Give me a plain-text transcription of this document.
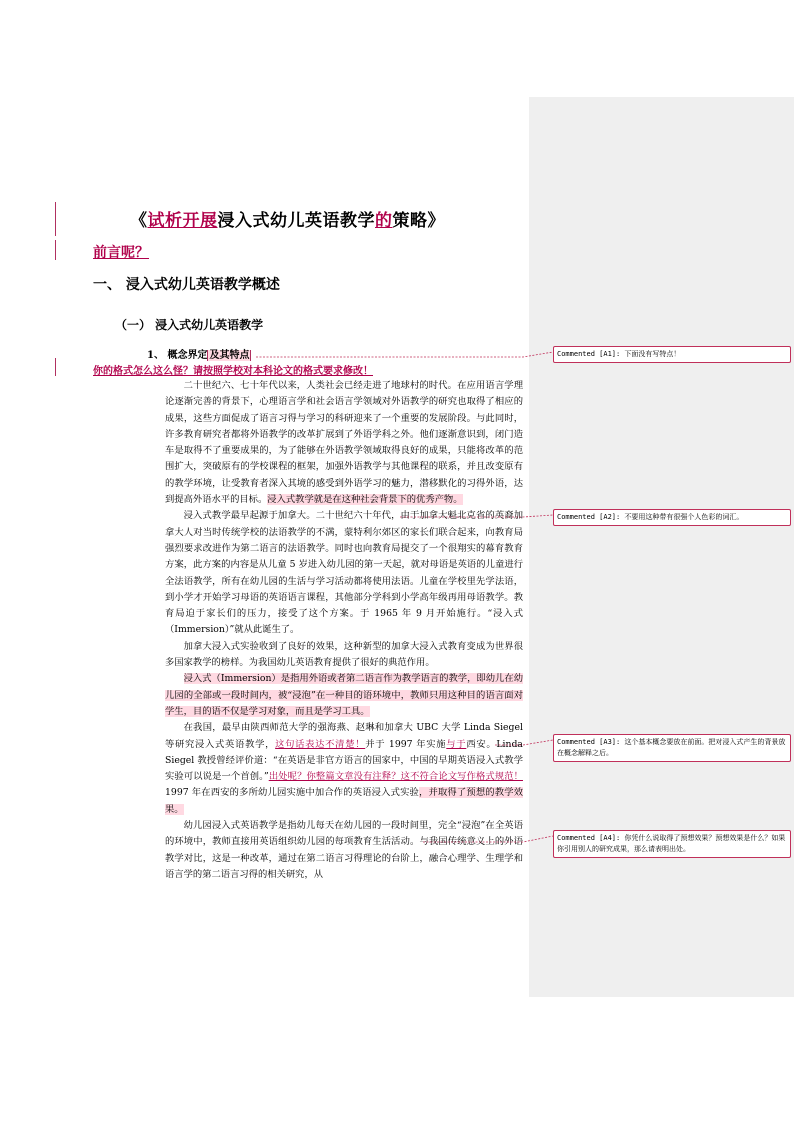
《试析开展浸入式幼儿英语教学的策略》
前言呢？
一、 浸入式幼儿英语教学概述
（一） 浸入式幼儿英语教学
1、 概念界定 及其特点
你的格式怎么这么怪？请按照学校对本科论文的格式要求修改！

二十世纪六、七十年代以来，人类社会已经走进了地球村的时代。在应用语言学理论逐渐完善的背景下，心理语言学和社会语言学领域对外语教学的研究也取得了相应的成果，这些方面促成了语言习得与学习的科研迎来了一个重要的发展阶段。与此同时，许多教育研究者都将外语教学的改革扩展到了外语学科之外。他们逐渐意识到，闭门造车是取得不了重要成果的，为了能够在外语教学领域取得良好的成果，只能将改革的范围扩大，突破原有的学校课程的框架，加强外语教学与其他课程的联系，并且改变原有的教学环境，让受教育者深入其境的感受到外语学习的魅力，潜移默化的习得外语，达到提高外语水平的目标。浸入式教学就是在这种社会背景下的优秀产物。

浸入式教学最早起源于加拿大。二十世纪六十年代，由于加拿大魁北克省的英裔加拿大人对当时传统学校的法语教学的不满，蒙特利尔郊区的家长们联合起来，向教育局强烈要求改进作为第二语言的法语教学。同时也向教育局提交了一个很翔实的幕育教育方案，此方案的内容是从儿童 5 岁进入幼儿园的第一天起，就对母语是英语的儿童进行全法语教学，所有在幼儿园的生活与学习活动都将使用法语。儿童在学校里先学法语，到小学才开始学习母语的英语语言课程，其他部分学科到小学高年级再用母语教学。教育局迫于家长们的压力，接受了这个方案。于 1965 年 9 月开始施行。“浸入式（Immersion）”就从此诞生了。

加拿大浸入式实验收到了良好的效果，这种新型的加拿大浸入式教育变成为世界很多国家教学的榜样。为我国幼儿英语教育提供了很好的典范作用。

浸入式（Immersion）是指用外语或者第二语言作为教学语言的教学，即幼儿在幼儿园的全部或一段时间内，被“浸泡”在一种目的语环境中，教师只用这种目的语言面对学生，目的语不仅是学习对象，而且是学习工具。

在我国，最早由陕西师范大学的强海燕、赵琳和加拿大 UBC 大学 Linda Siegel 等研究浸入式英语教学，这句话表达不清楚！并于 1997 年实施与于西安。Linda Siegel 教授曾经评价道：“在英语是非官方语言的国家中，中国的早期英语浸入式教学实验可以说是一个首创。”出处呢？你整篇文章没有注释？这不符合论文写作格式规范！1997 年在西安的多所幼儿园实施中加合作的英语浸入式实验，并取得了预想的教学效果。

幼儿园浸入式英语教学是指幼儿每天在幼儿园的一段时间里，完全“浸泡”在全英语的环境中，教师直接用英语组织幼儿园的每项教育生活活动。与我国传统意义上的外语教学对比，这是一种改革，通过在第二语言习得理论的台阶上，融合心理学、生理学和语言学的第二语言习得的相关研究，从

Commented [A1]: 下面没有写特点！
Commented [A2]: 不要用这种带有很强个人色彩的词汇。
Commented [A3]: 这个基本概念要放在前面。把对浸入式产生的背景放在概念解释之后。
Commented [A4]: 你凭什么说取得了预想效果？预想效果是什么？如果你引用别人的研究成果，那么请表明出处。
